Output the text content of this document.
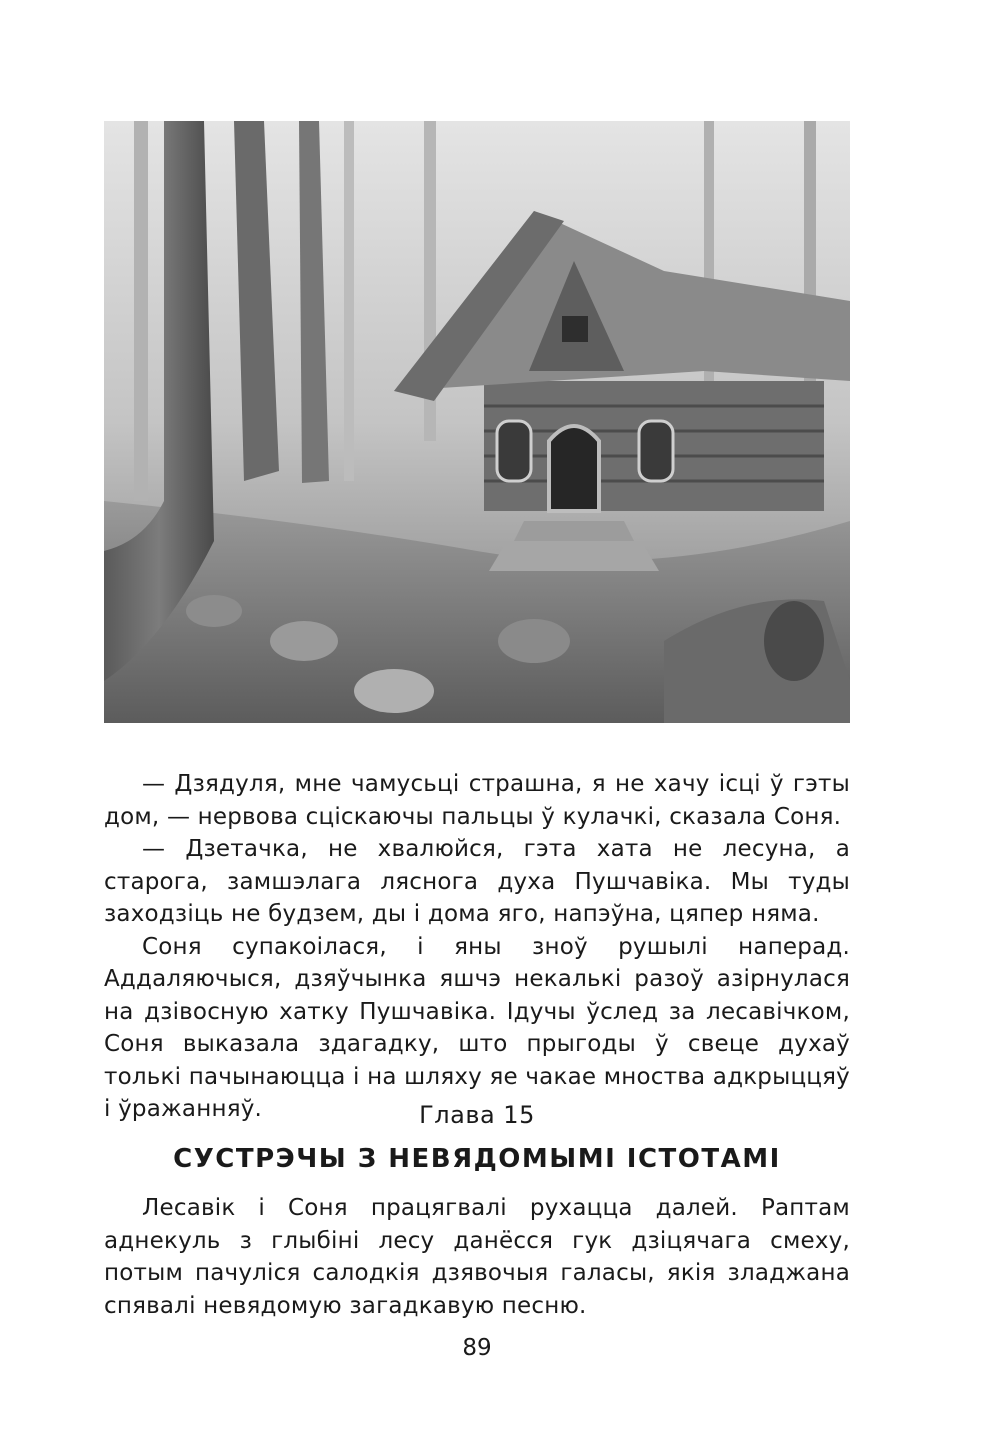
— Дзядуля, мне чамусьці страшна, я не хачу ісці ў гэты дом, — нервова сціскаючы пальцы ў кулачкі, сказала Соня.

— Дзетачка, не хвалюйся, гэта хата не лесуна, а старога, замшэлага ляснога духа Пушчавіка. Мы туды заходзіць не будзем, ды і дома яго, напэўна, цяпер няма.

Соня супакоілася, і яны зноў рушылі наперад. Аддаляючыся, дзяўчынка яшчэ некалькі разоў азірнулася на дзівосную хатку Пушчавіка. Ідучы ўслед за лесавічком, Соня выказала здагадку, што прыгоды ў свеце духаў толькі пачынаюцца і на шляху яе чакае мноства адкрыццяў і ўражанняў.	Глава 15
СУСТРЭЧЫ З НЕВЯДОМЫМІ ІСТОТАМІ

Лесавік і Соня працягвалі рухацца далей. Раптам аднекуль з глыбіні лесу данёсся гук дзіцячага смеху, потым пачуліся салодкія дзявочыя галасы, якія зладжана спявалі невядомую загадкавую песню.

89
